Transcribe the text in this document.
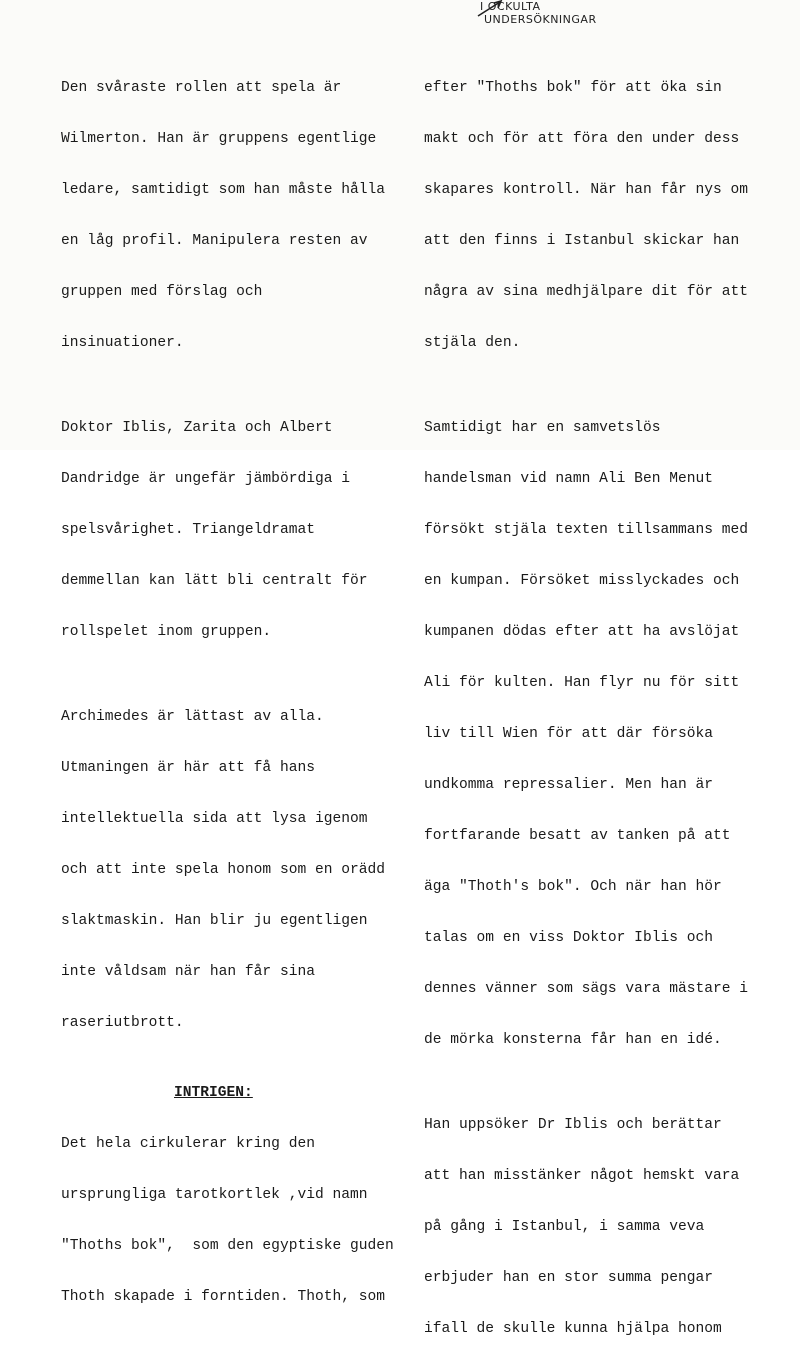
I OCKULTA
UNDERSÖKNINGAR

Den svåraste rollen att spela är

Wilmerton. Han är gruppens egentlige

ledare, samtidigt som han måste hålla

en låg profil. Manipulera resten av

gruppen med förslag och

insinuationer.

Doktor Iblis, Zarita och Albert

Dandridge är ungefär jämbördiga i

spelsvårighet. Triangeldramat

demmellan kan lätt bli centralt för

rollspelet inom gruppen.

Archimedes är lättast av alla.

Utmaningen är här att få hans

intellektuella sida att lysa igenom

och att inte spela honom som en orädd

slaktmaskin. Han blir ju egentligen

inte våldsam när han får sina

raseriutbrott.

INTRIGEN:

Det hela cirkulerar kring den

ursprungliga tarotkortlek ,vid namn

"Thoths bok",  som den egyptiske guden

Thoth skapade i forntiden. Thoth, som

efter "Thoths bok" för att öka sin

makt och för att föra den under dess

skapares kontroll. När han får nys om

att den finns i Istanbul skickar han

några av sina medhjälpare dit för att

stjäla den.

Samtidigt har en samvetslös

handelsman vid namn Ali Ben Menut

försökt stjäla texten tillsammans med

en kumpan. Försöket misslyckades och

kumpanen dödas efter att ha avslöjat

Ali för kulten. Han flyr nu för sitt

liv till Wien för att där försöka

undkomma repressalier. Men han är

fortfarande besatt av tanken på att

äga "Thoth's bok". Och när han hör

talas om en viss Doktor Iblis och

dennes vänner som sägs vara mästare i

de mörka konsterna får han en idé.

Han uppsöker Dr Iblis och berättar

att han misstänker något hemskt vara

på gång i Istanbul, i samma veva

erbjuder han en stor summa pengar

ifall de skulle kunna hjälpa honom
